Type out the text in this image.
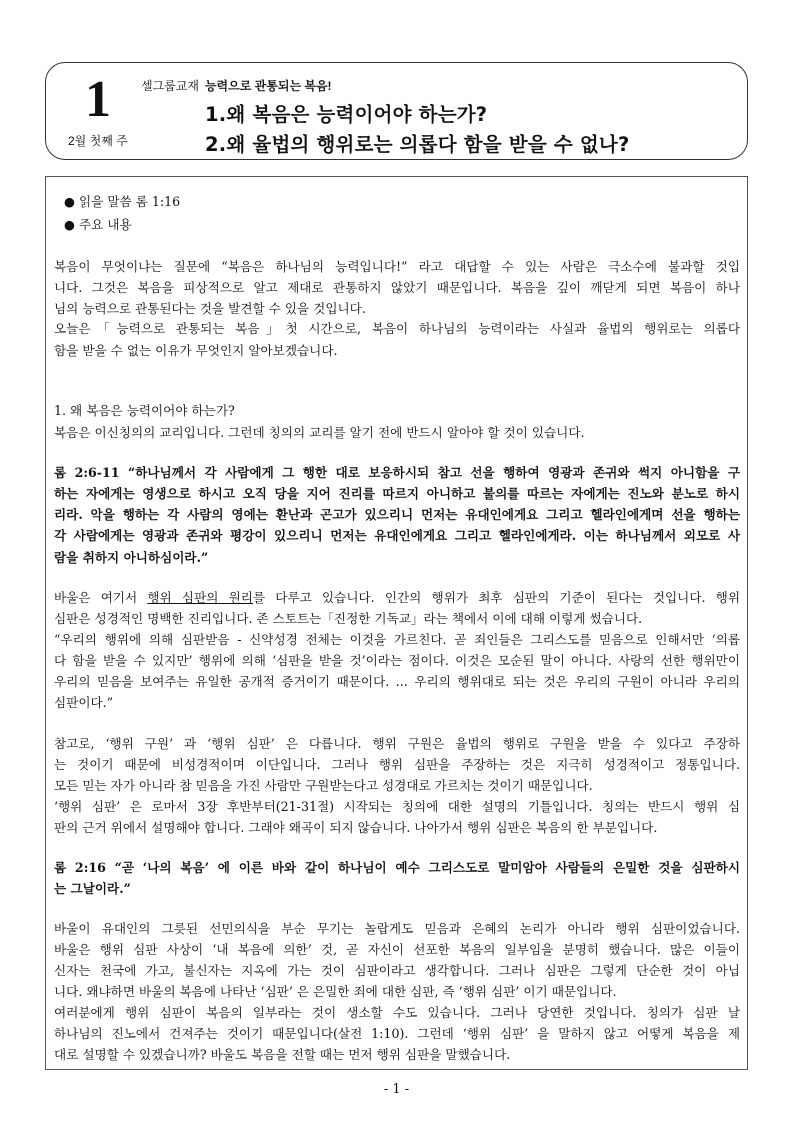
1
2월 첫째 주
셀그룹교재 능력으로 관통되는 복음!
1.왜 복음은 능력이어야 하는가?
2.왜 율법의 행위로는 의롭다 함을 받을 수 없나?
● 읽을 말씀 롬 1:16
● 주요 내용
복음이 무엇이냐는 질문에 “복음은 하나님의 능력입니다!” 라고 대답할 수 있는 사람은 극소수에 불과할 것입
니다. 그것은 복음을 피상적으로 알고 제대로 관통하지 않았기 때문입니다. 복음을 깊이 깨닫게 되면 복음이 하나
님의 능력으로 관통된다는 것을 발견할 수 있을 것입니다.
오늘은「능력으로 관통되는 복음」첫 시간으로, 복음이 하나님의 능력이라는 사실과 율법의 행위로는 의롭다
함을 받을 수 없는 이유가 무엇인지 알아보겠습니다.
1. 왜 복음은 능력이어야 하는가?
복음은 이신칭의의 교리입니다. 그런데 칭의의 교리를 알기 전에 반드시 알아야 할 것이 있습니다.
롬 2:6-11 “하나님께서 각 사람에게 그 행한 대로 보응하시되 참고 선을 행하여 영광과 존귀와 썩지 아니함을 구
하는 자에게는 영생으로 하시고 오직 당을 지어 진리를 따르지 아니하고 불의를 따르는 자에게는 진노와 분노로 하시
리라. 악을 행하는 각 사람의 영에는 환난과 곤고가 있으리니 먼저는 유대인에게요 그리고 헬라인에게며 선을 행하는
각 사람에게는 영광과 존귀와 평강이 있으리니 먼저는 유대인에게요 그리고 헬라인에게라. 이는 하나님께서 외모로 사
람을 취하지 아니하심이라.”
바울은 여기서 행위 심판의 원리를 다루고 있습니다. 인간의 행위가 최후 심판의 기준이 된다는 것입니다. 행위
심판은 성경적인 명백한 진리입니다. 존 스토트는「진정한 기독교」라는 책에서 이에 대해 이렇게 썼습니다.
“우리의 행위에 의해 심판받음 - 신약성경 전체는 이것을 가르친다. 곧 죄인들은 그리스도를 믿음으로 인해서만 ‘의롭
다 함을 받을 수 있지만’ 행위에 의해 ‘심판을 받을 것’이라는 점이다. 이것은 모순된 말이 아니다. 사랑의 선한 행위만이
우리의 믿음을 보여주는 유일한 공개적 증거이기 때문이다. ... 우리의 행위대로 되는 것은 우리의 구원이 아니라 우리의
심판이다.”
참고로, ‘행위 구원’ 과 ‘행위 심판’ 은 다릅니다. 행위 구원은 율법의 행위로 구원을 받을 수 있다고 주장하
는 것이기 때문에 비성경적이며 이단입니다. 그러나 행위 심판을 주장하는 것은 지극히 성경적이고 정통입니다.
모든 믿는 자가 아니라 참 믿음을 가진 사람만 구원받는다고 성경대로 가르치는 것이기 때문입니다.
‘행위 심판’ 은 로마서 3장 후반부터(21-31절) 시작되는 칭의에 대한 설명의 기틀입니다. 칭의는 반드시 행위 심
판의 근거 위에서 설명해야 합니다. 그래야 왜곡이 되지 않습니다. 나아가서 행위 심판은 복음의 한 부분입니다.
롬 2:16 “곧 ‘나의 복음’ 에 이른 바와 같이 하나님이 예수 그리스도로 말미암아 사람들의 은밀한 것을 심판하시
는 그날이라.”
바울이 유대인의 그릇된 선민의식을 부순 무기는 놀랍게도 믿음과 은혜의 논리가 아니라 행위 심판이었습니다.
바울은 행위 심판 사상이 ‘내 복음에 의한’ 것, 곧 자신이 선포한 복음의 일부임을 분명히 했습니다. 많은 이들이
신자는 천국에 가고, 불신자는 지옥에 가는 것이 심판이라고 생각합니다. 그러나 심판은 그렇게 단순한 것이 아닙
니다. 왜냐하면 바울의 복음에 나타난 ‘심판’ 은 은밀한 죄에 대한 심판, 즉 ‘행위 심판’ 이기 때문입니다.
여러분에게 행위 심판이 복음의 일부라는 것이 생소할 수도 있습니다. 그러나 당연한 것입니다. 칭의가 심판 날
하나님의 진노에서 건져주는 것이기 때문입니다(살전 1:10). 그런데 ‘행위 심판’ 을 말하지 않고 어떻게 복음을 제
대로 설명할 수 있겠습니까? 바울도 복음을 전할 때는 먼저 행위 심판을 말했습니다.
- 1 -
